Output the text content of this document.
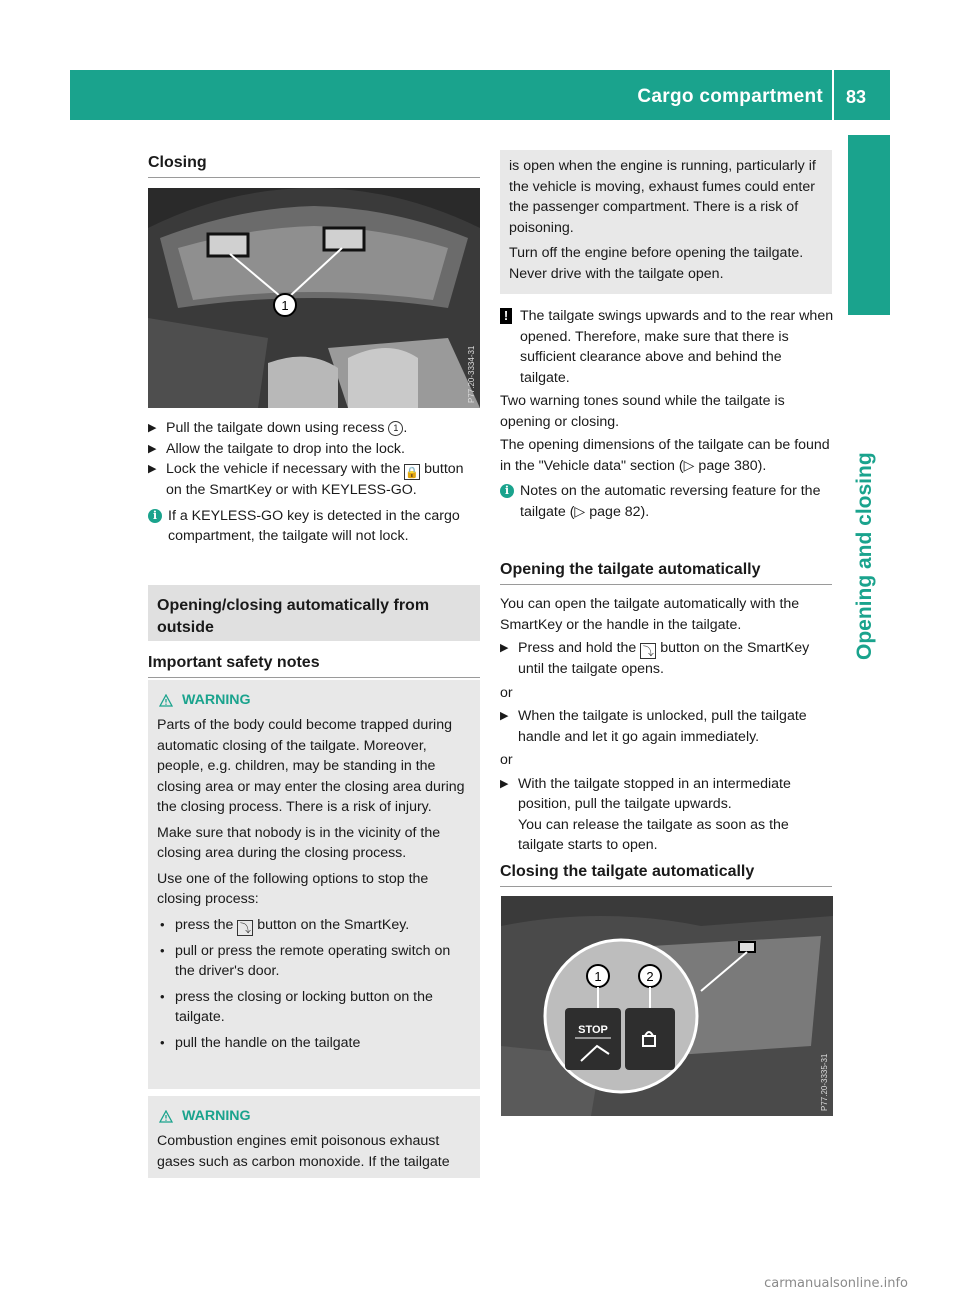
Cargo compartment 83
Opening and closing
Closing
1
P77.20-3334-31
▶ Pull the tailgate down using recess 1 .
▶ Allow the tailgate to drop into the lock.
▶ Lock the vehicle if necessary with the 🔒 button on the SmartKey or with KEYLESS-GO.
i If a KEYLESS-GO key is detected in the cargo compartment, the tailgate will not lock.
Opening/closing automatically from outside
Important safety notes
WARNING

Parts of the body could become trapped during automatic closing of the tailgate. Moreover, people, e.g. children, may be standing in the closing area or may enter the closing area during the closing process. There is a risk of injury.

Make sure that nobody is in the vicinity of the closing area during the closing process.

Use one of the following options to stop the closing process:

• press the ⤵ button on the SmartKey.
• pull or press the remote operating switch on the driver's door.
• press the closing or locking button on the tailgate.
• pull the handle on the tailgate
WARNING

Combustion engines emit poisonous exhaust gases such as carbon monoxide. If the tailgate

is open when the engine is running, particularly if the vehicle is moving, exhaust fumes could enter the passenger compartment. There is a risk of poisoning.

Turn off the engine before opening the tailgate. Never drive with the tailgate open.

! The tailgate swings upwards and to the rear when opened. Therefore, make sure that there is sufficient clearance above and behind the tailgate.

Two warning tones sound while the tailgate is opening or closing.

The opening dimensions of the tailgate can be found in the "Vehicle data" section (▷ page 380).

i Notes on the automatic reversing feature for the tailgate (▷ page 82).
Opening the tailgate automatically

You can open the tailgate automatically with the SmartKey or the handle in the tailgate.

▶ Press and hold the ⤵ button on the SmartKey until the tailgate opens.

or

▶ When the tailgate is unlocked, pull the tailgate handle and let it go again immediately.

or

▶ With the tailgate stopped in an intermediate position, pull the tailgate upwards.
You can release the tailgate as soon as the tailgate starts to open.
Closing the tailgate automatically
STOP
1	2
P77.20-3335-31
carmanualsonline.info
